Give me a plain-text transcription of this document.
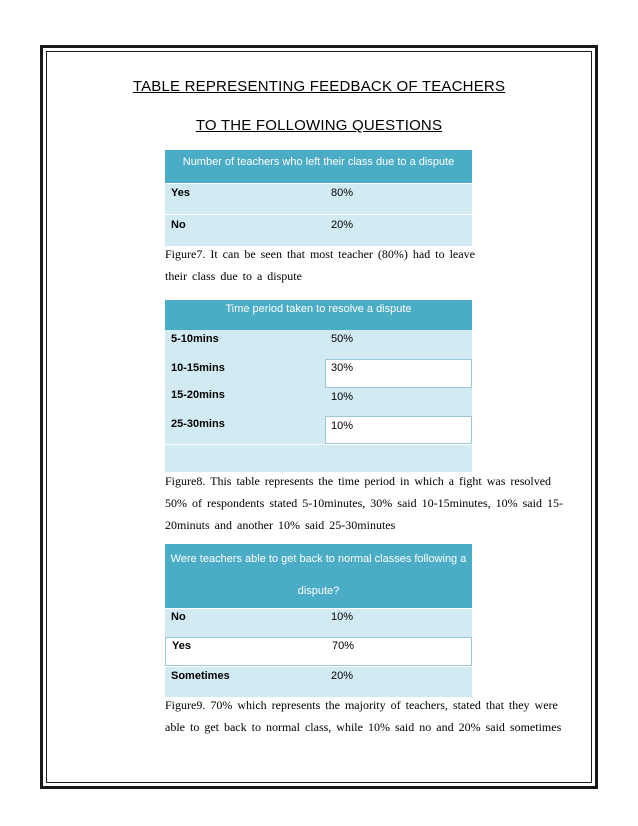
TABLE REPRESENTING FEEDBACK OF TEACHERS
TO THE FOLLOWING QUESTIONS
Number of teachers who left their class due to a dispute
Yes	80%
No	20%
Figure7. It can be seen that most teacher (80%) had to leave
their class due to a dispute
Time period taken to resolve a dispute
5-10mins	50%
10-15mins	30%
15-20mins	10%
25-30mins	10%
Figure8. This table represents the time period in which a fight was resolved
50% of respondents stated 5-10minutes, 30% said 10-15minutes, 10% said 15-
20minuts and another 10% said 25-30minutes
Were teachers able to get back to normal classes following a
dispute?
No	10%
Yes	70%
Sometimes	20%
Figure9. 70% which represents the majority of teachers, stated that they were
able to get back to normal class, while 10% said no and 20% said sometimes
